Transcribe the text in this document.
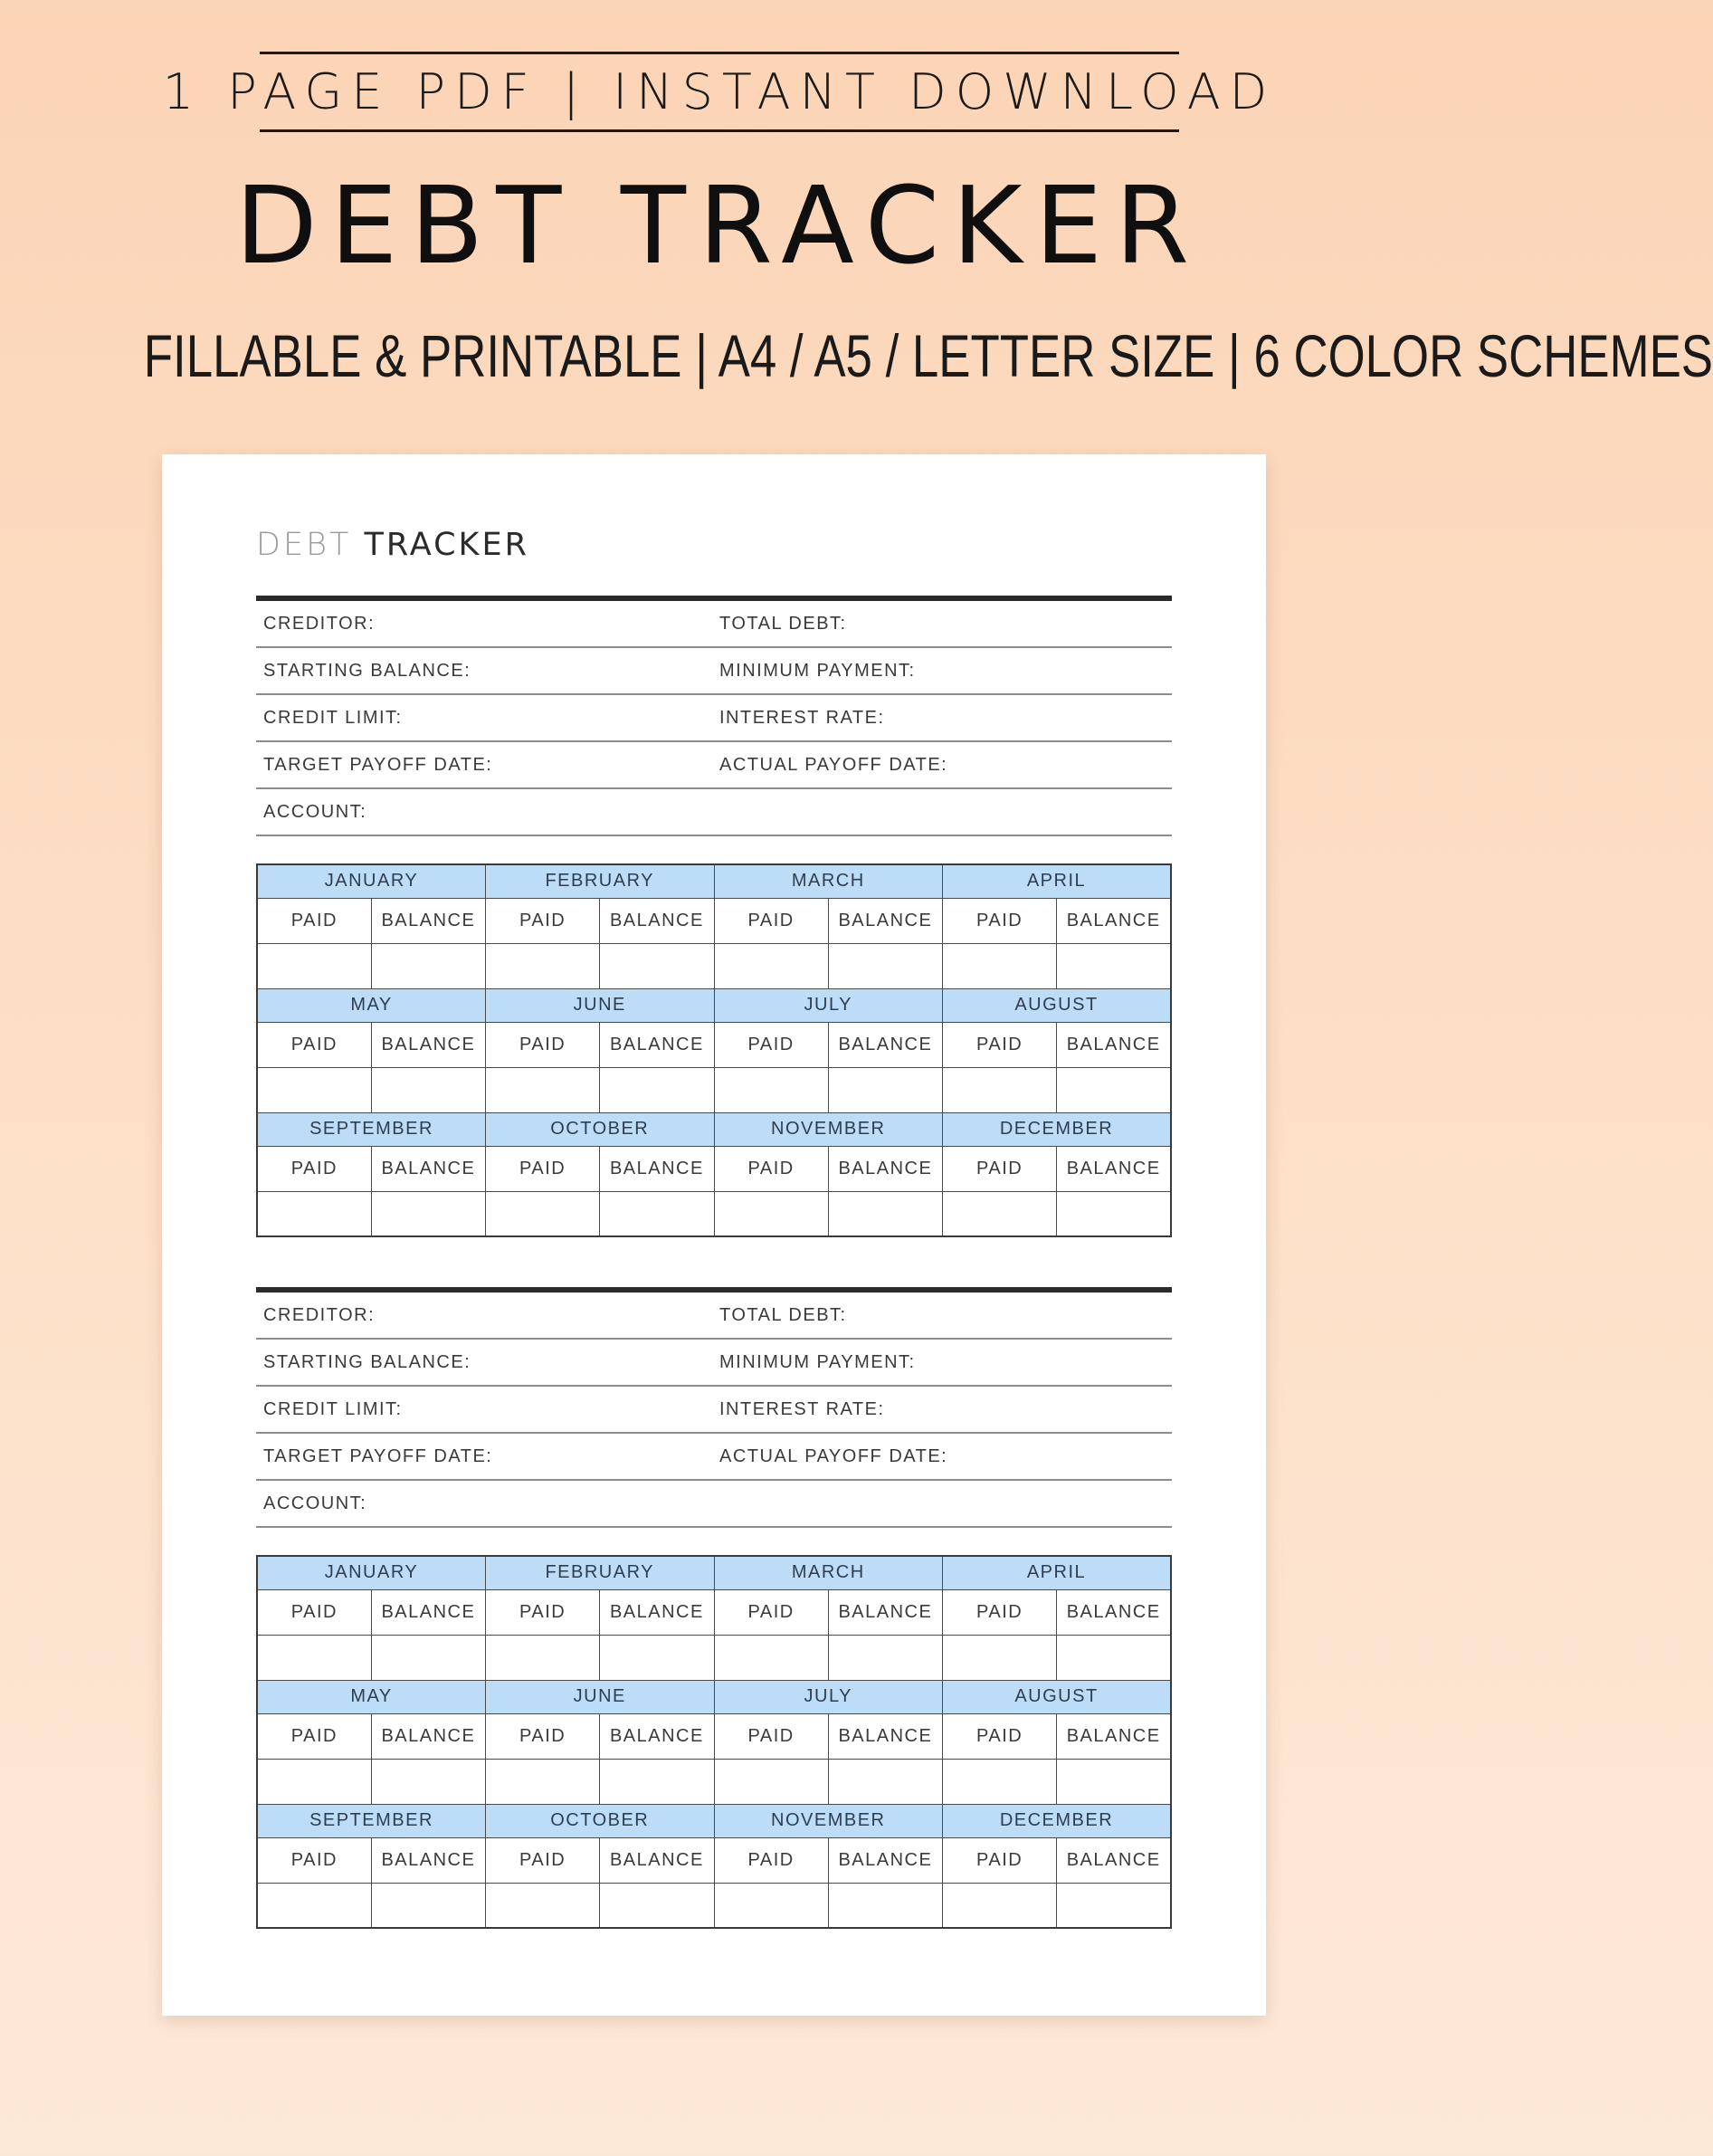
1 PAGE PDF | INSTANT DOWNLOAD
DEBT TRACKER
FILLABLE & PRINTABLE | A4 / A5 / LETTER SIZE | 6 COLOR SCHEMES
DEBT TRACKER
CREDITOR:	TOTAL DEBT:
STARTING BALANCE:	MINIMUM PAYMENT:
CREDIT LIMIT:	INTEREST RATE:
TARGET PAYOFF DATE:	ACTUAL PAYOFF DATE:
ACCOUNT:
JANUARY		FEBRUARY		MARCH		APRIL	
PAID	BALANCE	PAID	BALANCE	PAID	BALANCE	PAID	BALANCE

MAY		JUNE		JULY		AUGUST	
PAID	BALANCE	PAID	BALANCE	PAID	BALANCE	PAID	BALANCE

SEPTEMBER		OCTOBER		NOVEMBER		DECEMBER	
PAID	BALANCE	PAID	BALANCE	PAID	BALANCE	PAID	BALANCE

CREDITOR:	TOTAL DEBT:
STARTING BALANCE:	MINIMUM PAYMENT:
CREDIT LIMIT:	INTEREST RATE:
TARGET PAYOFF DATE:	ACTUAL PAYOFF DATE:
ACCOUNT:
JANUARY		FEBRUARY		MARCH		APRIL	
PAID	BALANCE	PAID	BALANCE	PAID	BALANCE	PAID	BALANCE

MAY		JUNE		JULY		AUGUST	
PAID	BALANCE	PAID	BALANCE	PAID	BALANCE	PAID	BALANCE

SEPTEMBER		OCTOBER		NOVEMBER		DECEMBER	
PAID	BALANCE	PAID	BALANCE	PAID	BALANCE	PAID	BALANCE
